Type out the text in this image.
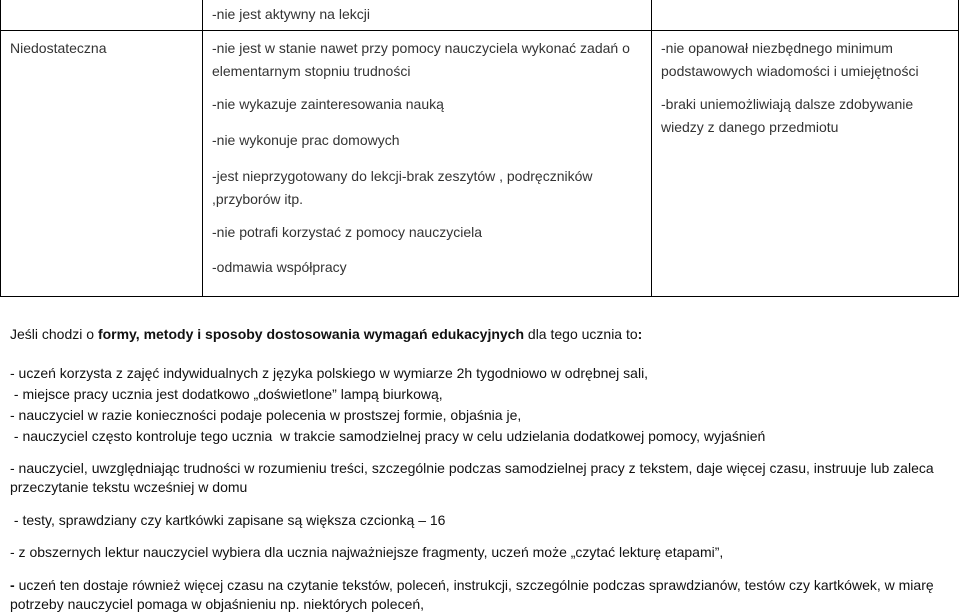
-nie jest aktywny na lekcji
Niedostateczna	-nie jest w stanie nawet przy pomocy nauczyciela wykonać zadań o elementarnym stopniu trudności
-nie wykazuje zainteresowania nauką
-nie wykonuje prac domowych
-jest nieprzygotowany do lekcji-brak zeszytów , podręczników ,przyborów itp.
-nie potrafi korzystać z pomocy nauczyciela
-odmawia współpracy
-nie opanował niezbędnego minimum podstawowych wiadomości i umiejętności
-braki uniemożliwiają dalsze zdobywanie wiedzy z danego przedmiotu
Jeśli chodzi o formy, metody i sposoby dostosowania wymagań edukacyjnych dla tego ucznia to:
- uczeń korzysta z zajęć indywidualnych z języka polskiego w wymiarze 2h tygodniowo w odrębnej sali,
- miejsce pracy ucznia jest dodatkowo „doświetlone” lampą biurkową,
- nauczyciel w razie konieczności podaje polecenia w prostszej formie, objaśnia je,
- nauczyciel często kontroluje tego ucznia  w trakcie samodzielnej pracy w celu udzielania dodatkowej pomocy, wyjaśnień
- nauczyciel, uwzględniając trudności w rozumieniu treści, szczególnie podczas samodzielnej pracy z tekstem, daje więcej czasu, instruuje lub zaleca przeczytanie tekstu wcześniej w domu
- testy, sprawdziany czy kartkówki zapisane są większa czcionką – 16
- z obszernych lektur nauczyciel wybiera dla ucznia najważniejsze fragmenty, uczeń może „czytać lekturę etapami”,
- uczeń ten dostaje również więcej czasu na czytanie tekstów, poleceń, instrukcji, szczególnie podczas sprawdzianów, testów czy kartkówek, w miarę potrzeby nauczyciel pomaga w objaśnieniu np. niektórych poleceń,
